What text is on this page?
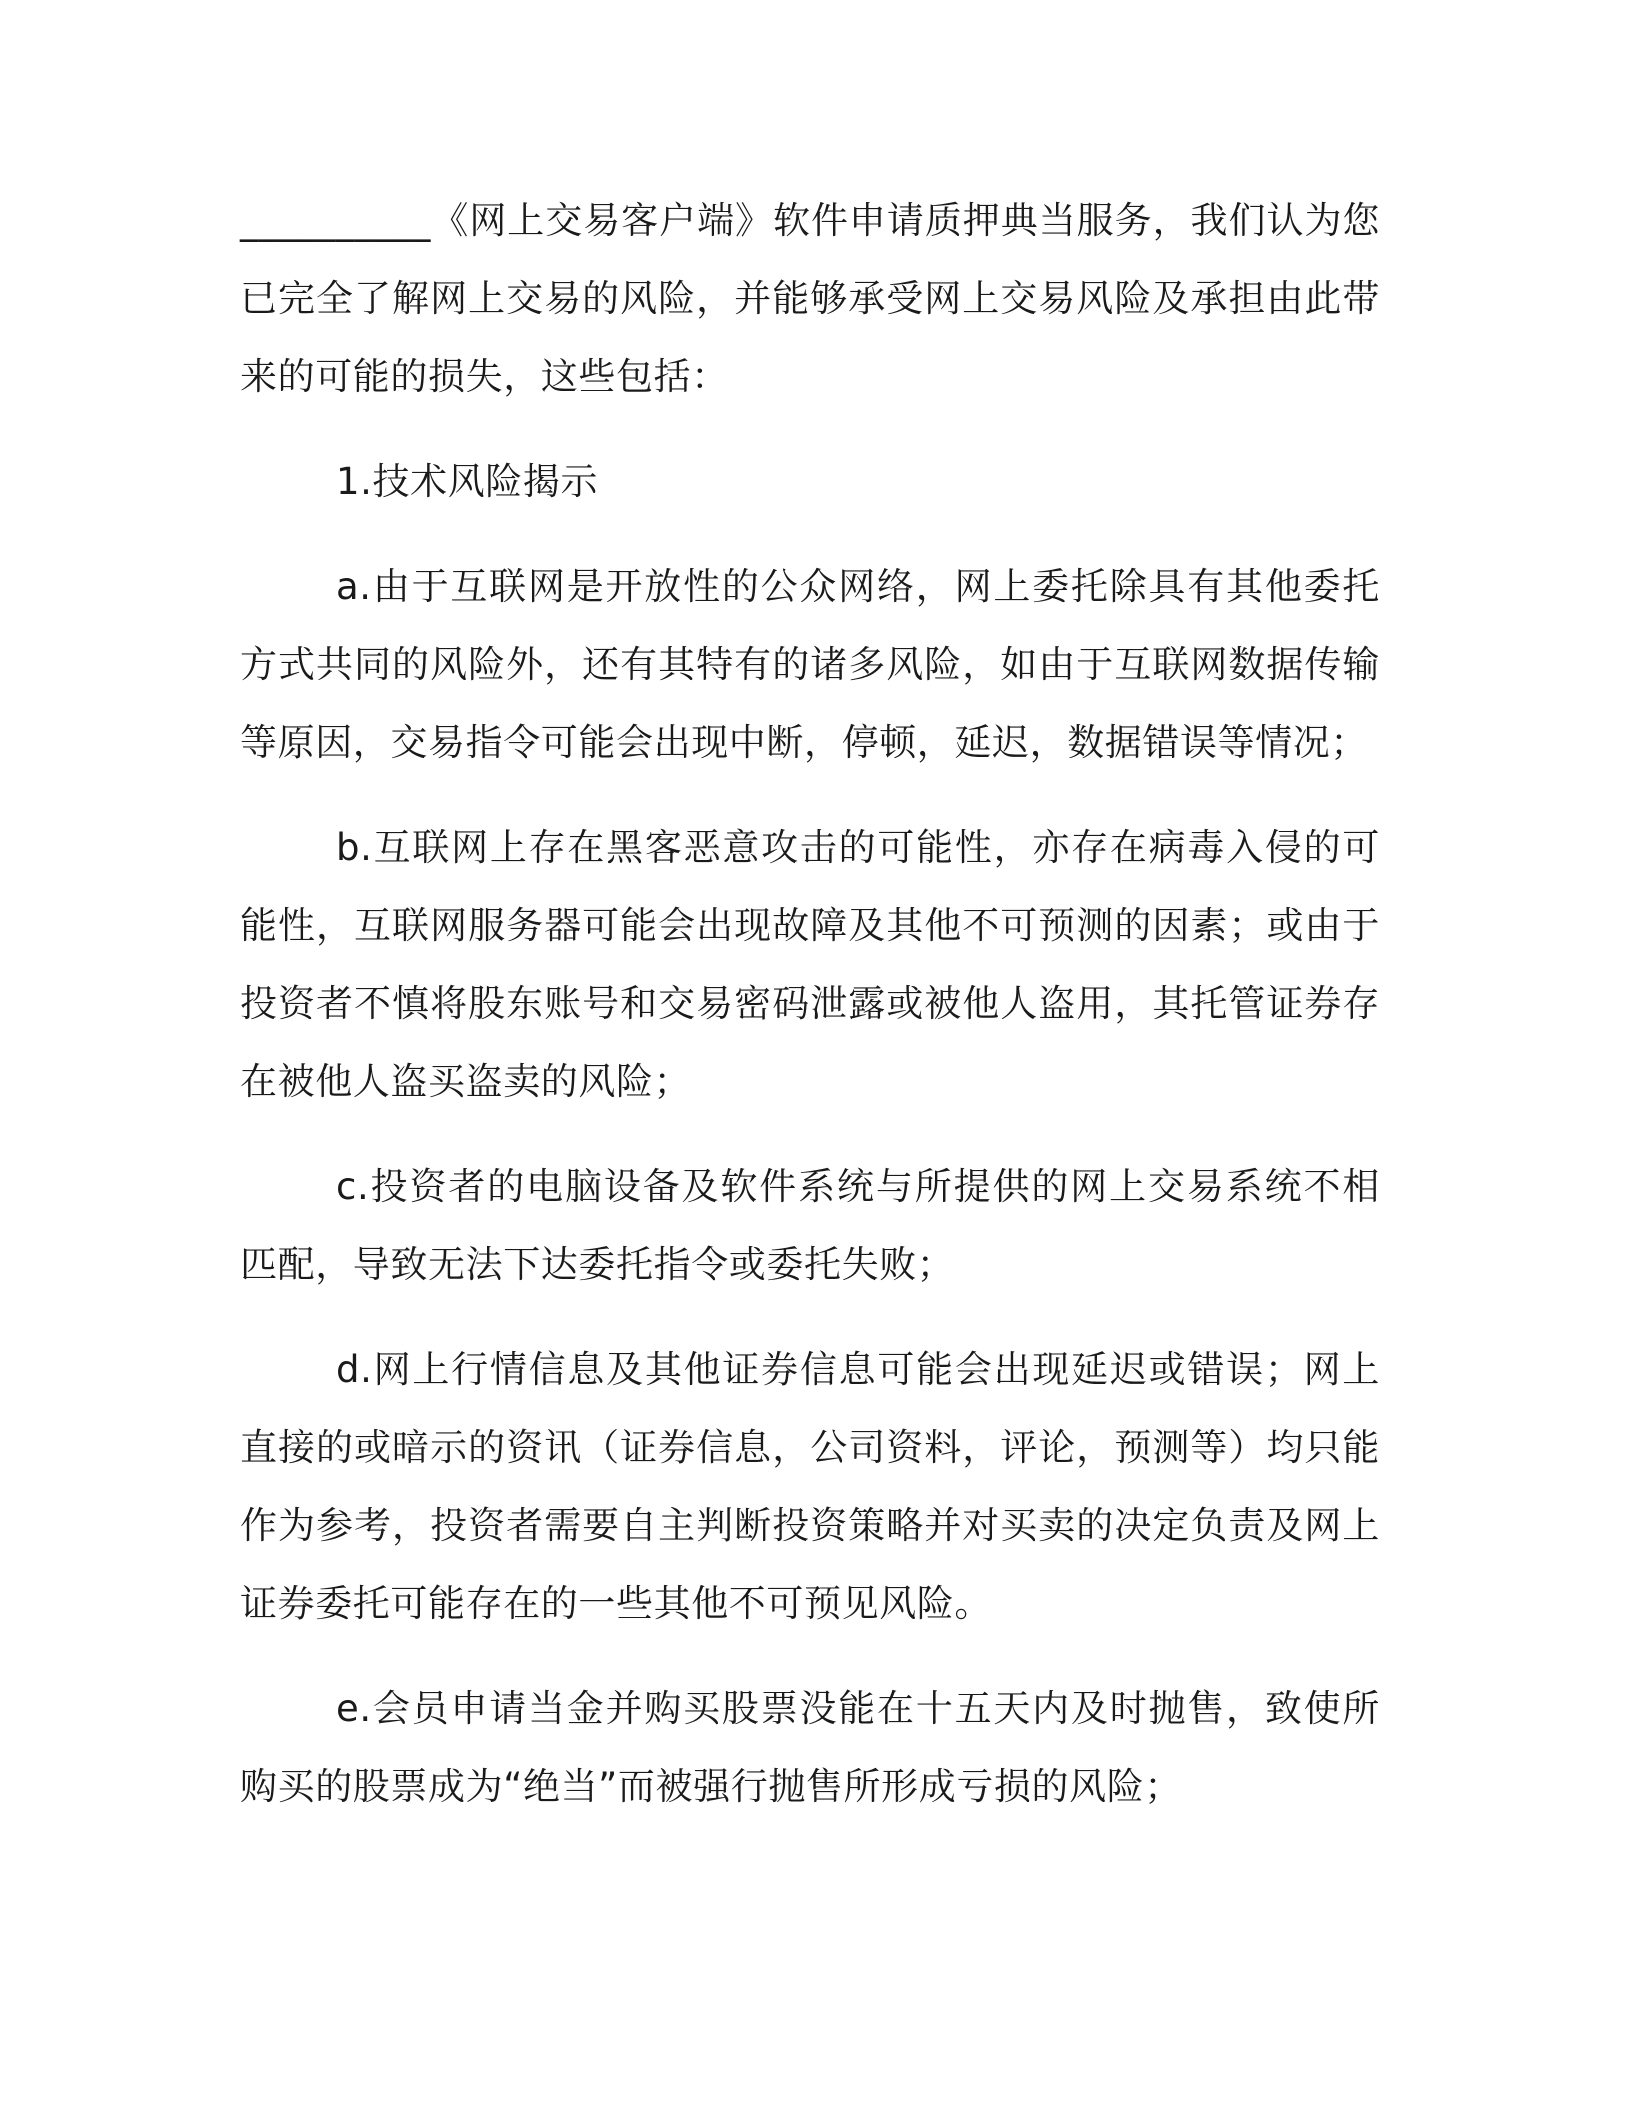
__________《网上交易客户端》软件申请质押典当服务，我们认为您已完全了解网上交易的风险，并能够承受网上交易风险及承担由此带来的可能的损失，这些包括：

1.技术风险揭示

a.由于互联网是开放性的公众网络，网上委托除具有其他委托方式共同的风险外，还有其特有的诸多风险，如由于互联网数据传输等原因，交易指令可能会出现中断，停顿，延迟，数据错误等情况；

b.互联网上存在黑客恶意攻击的可能性，亦存在病毒入侵的可能性，互联网服务器可能会出现故障及其他不可预测的因素；或由于投资者不慎将股东账号和交易密码泄露或被他人盗用，其托管证券存在被他人盗买盗卖的风险；

c.投资者的电脑设备及软件系统与所提供的网上交易系统不相匹配，导致无法下达委托指令或委托失败；

d.网上行情信息及其他证券信息可能会出现延迟或错误；网上直接的或暗示的资讯（证券信息，公司资料，评论，预测等）均只能作为参考，投资者需要自主判断投资策略并对买卖的决定负责及网上证券委托可能存在的一些其他不可预见风险。

e.会员申请当金并购买股票没能在十五天内及时抛售，致使所购买的股票成为“绝当”而被强行抛售所形成亏损的风险；
